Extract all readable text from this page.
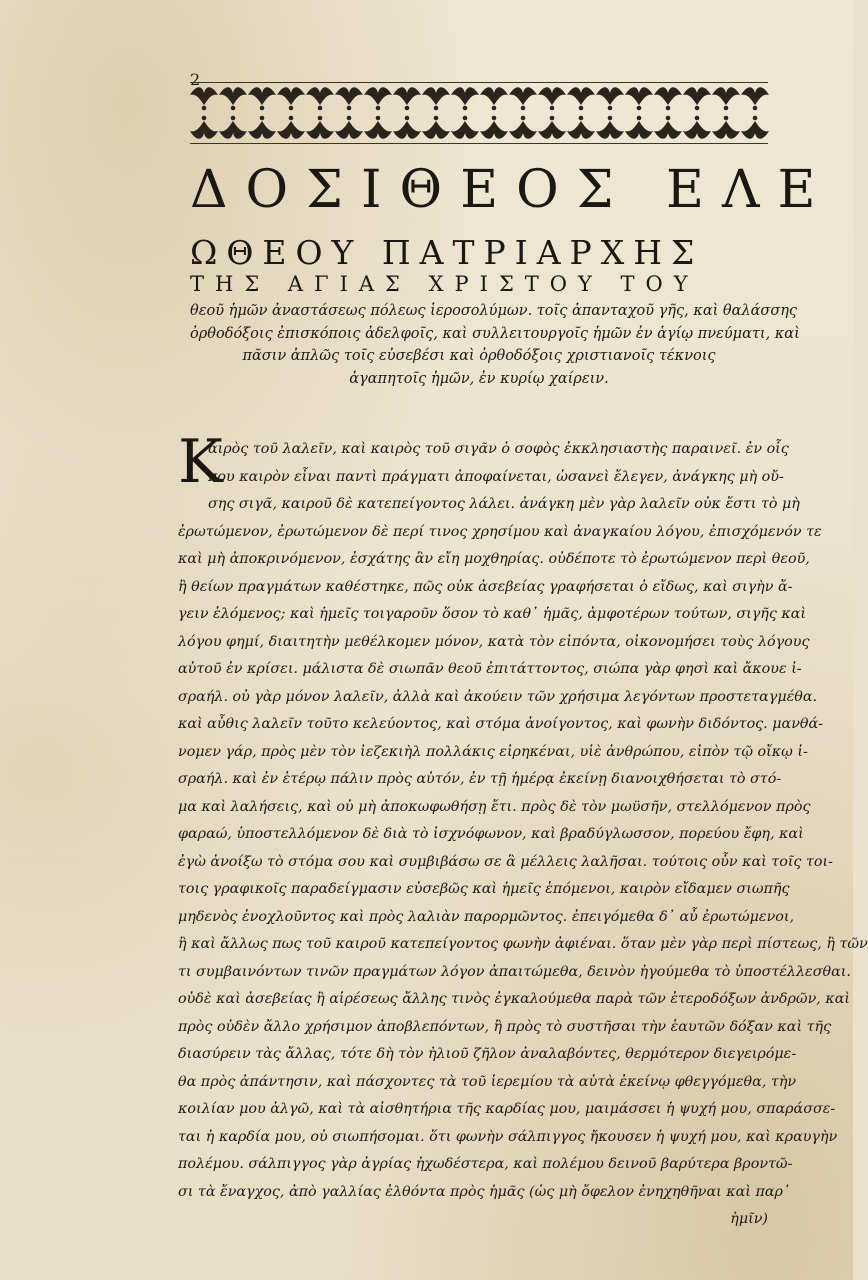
2
ΔΟΣΙΘΕΟΣ ΕΛΕ
ΩΘΕΟΥ ΠΑΤΡΙΑΡΧΗΣ
ΤΗΣ ΑΓΙΑΣ ΧΡΙΣΤΟΥ ΤΟΥ
θεοῦ ἡμῶν ἀναστάσεως πόλεως ἱεροσολύμων. τοῖς ἁπανταχοῦ γῆς, καὶ θαλάσσης
ὀρθοδόξοις ἐπισκόποις ἀδελφοῖς, καὶ συλλειτουργοῖς ἡμῶν ἐν ἁγίῳ πνεύματι, καὶ
πᾶσιν ἁπλῶς τοῖς εὐσεβέσι καὶ ὀρθοδόξοις χριστιανοῖς τέκνοις
ἀγαπητοῖς ἡμῶν, ἐν κυρίῳ χαίρειν.
Κ
αιρὸς τοῦ λαλεῖν, καὶ καιρὸς τοῦ σιγᾶν ὁ σοφὸς ἐκκλησιαστὴς παραινεῖ. ἐν οἷς
που καιρὸν εἶναι παντὶ πράγματι ἀποφαίνεται, ὡσανεὶ ἔλεγεν, ἀνάγκης μὴ οὔ-
σης σιγᾶ, καιροῦ δὲ κατεπείγοντος λάλει. ἀνάγκη μὲν γὰρ λαλεῖν οὐκ ἔστι τὸ μὴ
ἐρωτώμενον, ἐρωτώμενον δὲ περί τινος χρησίμου καὶ ἀναγκαίου λόγου, ἐπισχόμενόν τε
καὶ μὴ ἀποκρινόμενον, ἐσχάτης ἂν εἴη μοχθηρίας. οὐδέποτε τὸ ἐρωτώμενον περὶ θεοῦ,
ἢ θείων πραγμάτων καθέστηκε, πῶς οὐκ ἀσεβείας γραφήσεται ὁ εἴδως, καὶ σιγὴν ἄ-
γειν ἑλόμενος; καὶ ἡμεῖς τοιγαροῦν ὅσον τὸ καθ᾽ ἡμᾶς, ἀμφοτέρων τούτων, σιγῆς καὶ
λόγου φημί, διαιτητὴν μεθέλκομεν μόνον, κατὰ τὸν εἰπόντα, οἰκονομήσει τοὺς λόγους
αὐτοῦ ἐν κρίσει. μάλιστα δὲ σιωπᾶν θεοῦ ἐπιτάττοντος, σιώπα γὰρ φησὶ καὶ ἄκουε ἰ-
σραήλ. οὐ γὰρ μόνον λαλεῖν, ἀλλὰ καὶ ἀκούειν τῶν χρήσιμα λεγόντων προστεταγμέθα.
καὶ αὖθις λαλεῖν τοῦτο κελεύοντος, καὶ στόμα ἀνοίγοντος, καὶ φωνὴν διδόντος. μανθά-
νομεν γάρ, πρὸς μὲν τὸν ἰεζεκιὴλ πολλάκις εἰρηκέναι, υἱὲ ἀνθρώπου, εἰπὸν τῷ οἴκῳ ἰ-
σραήλ. καὶ ἐν ἑτέρῳ πάλιν πρὸς αὐτόν, ἐν τῇ ἡμέρᾳ ἐκείνῃ διανοιχθήσεται τὸ στό-
μα καὶ λαλήσεις, καὶ οὐ μὴ ἀποκωφωθήσῃ ἔτι. πρὸς δὲ τὸν μωϋσῆν, στελλόμενον πρὸς
φαραώ, ὑποστελλόμενον δὲ διὰ τὸ ἰσχνόφωνον, καὶ βραδύγλωσσον, πορεύου ἔφη, καὶ
ἐγὼ ἀνοίξω τὸ στόμα σου καὶ συμβιβάσω σε ἃ μέλλεις λαλῆσαι. τούτοις οὖν καὶ τοῖς τοι-
τοις γραφικοῖς παραδείγμασιν εὐσεβῶς καὶ ἡμεῖς ἑπόμενοι, καιρὸν εἴδαμεν σιωπῆς
μηδενὸς ἐνοχλοῦντος καὶ πρὸς λαλιὰν παρορμῶντος. ἐπειγόμεθα δ᾽ αὖ ἐρωτώμενοι,
ἢ καὶ ἄλλως πως τοῦ καιροῦ κατεπείγοντος φωνὴν ἀφιέναι. ὅταν μὲν γὰρ περὶ πίστεως, ἢ τῶν
τι συμβαινόντων τινῶν πραγμάτων λόγον ἀπαιτώμεθα, δεινὸν ἡγούμεθα τὸ ὑποστέλλεσθαι.
οὐδὲ καὶ ἀσεβείας ἢ αἱρέσεως ἄλλης τινὸς ἐγκαλούμεθα παρὰ τῶν ἑτεροδόξων ἀνδρῶν, καὶ
πρὸς οὐδὲν ἄλλο χρήσιμον ἀποβλεπόντων, ἢ πρὸς τὸ συστῆσαι τὴν ἑαυτῶν δόξαν καὶ τῆς
διασύρειν τὰς ἄλλας, τότε δὴ τὸν ἠλιοῦ ζῆλον ἀναλαβόντες, θερμότερον διεγειρόμε-
θα πρὸς ἀπάντησιν, καὶ πάσχοντες τὰ τοῦ ἱερεμίου τὰ αὐτὰ ἐκείνῳ φθεγγόμεθα, τὴν
κοιλίαν μου ἀλγῶ, καὶ τὰ αἰσθητήρια τῆς καρδίας μου, μαιμάσσει ἡ ψυχή μου, σπαράσσε-
ται ἡ καρδία μου, οὐ σιωπήσομαι. ὅτι φωνὴν σάλπιγγος ἤκουσεν ἡ ψυχή μου, καὶ κραυγὴν
πολέμου. σάλπιγγος γὰρ ἀγρίας ἠχωδέστερα, καὶ πολέμου δεινοῦ βαρύτερα βροντῶ-
σι τὰ ἔναγχος, ἀπὸ γαλλίας ἐλθόντα πρὸς ἡμᾶς (ὡς μὴ ὄφελον ἐνηχηθῆναι καὶ παρ᾽
ἡμῖν)
